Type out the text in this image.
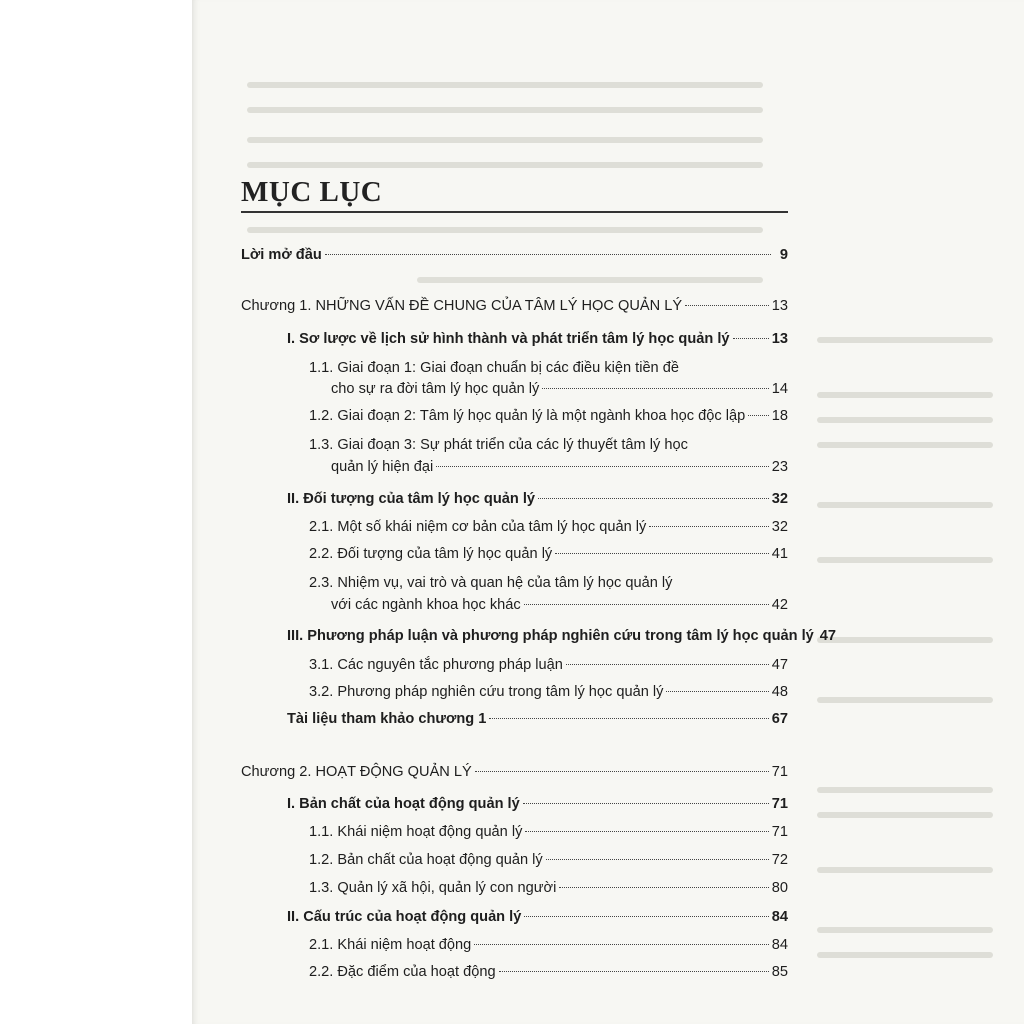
MỤC LỤC
Lời mở đầu	9
Chương 1. NHỮNG VẤN ĐỀ CHUNG CỦA TÂM LÝ HỌC QUẢN LÝ	13
I. Sơ lược về lịch sử hình thành và phát triển tâm lý học quản lý	13
1.1. Giai đoạn 1: Giai đoạn chuẩn bị các điều kiện tiền đề
cho sự ra đời tâm lý học quản lý	14
1.2. Giai đoạn 2: Tâm lý học quản lý là một ngành khoa học độc lập 18
1.3. Giai đoạn 3: Sự phát triển của các lý thuyết tâm lý học
quản lý hiện đại	23
II. Đối tượng của tâm lý học quản lý	32
2.1. Một số khái niệm cơ bản của tâm lý học quản lý	32
2.2. Đối tượng của tâm lý học quản lý	41
2.3. Nhiệm vụ, vai trò và quan hệ của tâm lý học quản lý
với các ngành khoa học khác	42
III. Phương pháp luận và phương pháp nghiên cứu trong tâm lý học quản lý 47
3.1. Các nguyên tắc phương pháp luận	47
3.2. Phương pháp nghiên cứu trong tâm lý học quản lý	48
Tài liệu tham khảo chương 1	67
Chương 2. HOẠT ĐỘNG QUẢN LÝ	71
I. Bản chất của hoạt động quản lý	71
1.1. Khái niệm hoạt động quản lý	71
1.2. Bản chất của hoạt động quản lý	72
1.3. Quản lý xã hội, quản lý con người	80
II. Cấu trúc của hoạt động quản lý	84
2.1. Khái niệm hoạt động	84
2.2. Đặc điểm của hoạt động	85
